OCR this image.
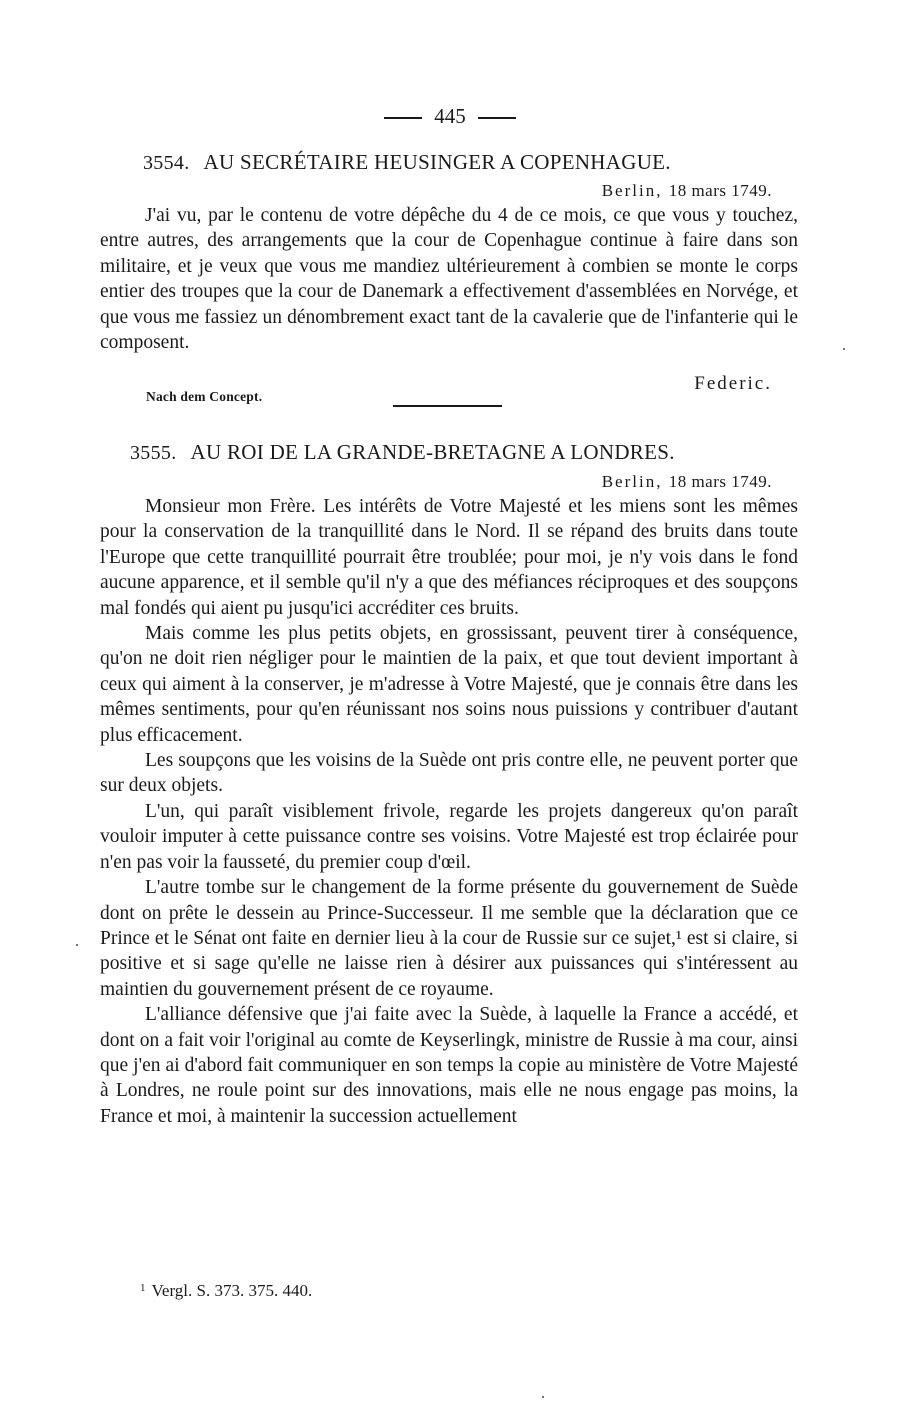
445
3554. AU SECRÉTAIRE HEUSINGER A COPENHAGUE.
Berlin, 18 mars 1749.

J'ai vu, par le contenu de votre dépêche du 4 de ce mois, ce que vous y touchez, entre autres, des arrangements que la cour de Copenhague continue à faire dans son militaire, et je veux que vous me mandiez ultérieurement à combien se monte le corps entier des troupes que la cour de Danemark a effectivement d'assemblées en Norvége, et que vous me fassiez un dénombrement exact tant de la cavalerie que de l'infanterie qui le composent.

Federic.
Nach dem Concept.
3555. AU ROI DE LA GRANDE-BRETAGNE A LONDRES.
Berlin, 18 mars 1749.

Monsieur mon Frère. Les intérêts de Votre Majesté et les miens sont les mêmes pour la conservation de la tranquillité dans le Nord. Il se répand des bruits dans toute l'Europe que cette tranquillité pourrait être troublée; pour moi, je n'y vois dans le fond aucune apparence, et il semble qu'il n'y a que des méfiances réciproques et des soupçons mal fondés qui aient pu jusqu'ici accréditer ces bruits.

Mais comme les plus petits objets, en grossissant, peuvent tirer à conséquence, qu'on ne doit rien négliger pour le maintien de la paix, et que tout devient important à ceux qui aiment à la conserver, je m'adresse à Votre Majesté, que je connais être dans les mêmes sentiments, pour qu'en réunissant nos soins nous puissions y contribuer d'autant plus efficacement.

Les soupçons que les voisins de la Suède ont pris contre elle, ne peuvent porter que sur deux objets.

L'un, qui paraît visiblement frivole, regarde les projets dangereux qu'on paraît vouloir imputer à cette puissance contre ses voisins. Votre Majesté est trop éclairée pour n'en pas voir la fausseté, du premier coup d'œil.

L'autre tombe sur le changement de la forme présente du gouvernement de Suède dont on prête le dessein au Prince-Successeur. Il me semble que la déclaration que ce Prince et le Sénat ont faite en dernier lieu à la cour de Russie sur ce sujet,¹ est si claire, si positive et si sage qu'elle ne laisse rien à désirer aux puissances qui s'intéressent au maintien du gouvernement présent de ce royaume.

L'alliance défensive que j'ai faite avec la Suède, à laquelle la France a accédé, et dont on a fait voir l'original au comte de Keyserlingk, ministre de Russie à ma cour, ainsi que j'en ai d'abord fait communiquer en son temps la copie au ministère de Votre Majesté à Londres, ne roule point sur des innovations, mais elle ne nous engage pas moins, la France et moi, à maintenir la succession actuellement

$^1$ Vergl. S. 373. 375. 440.
